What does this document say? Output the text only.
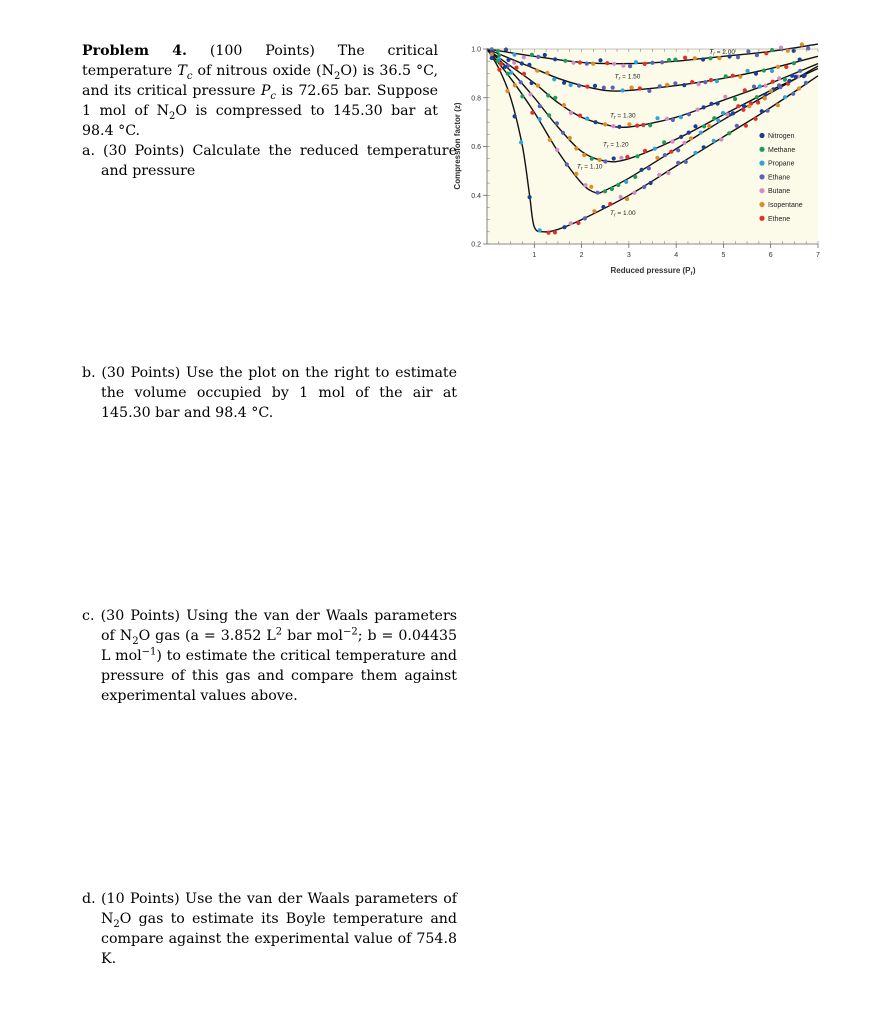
Problem 4. (100 Points) The critical temperature $T_c$ of nitrous oxide $(N_2O)$ is 36.5 °C, and its critical pressure $P_c$ is 72.65 bar. Suppose 1 mol of $N_2O$ is compressed to 145.30 bar at 98.4 °C.

a. (30 Points) Calculate the reduced temperature and pressure

b. (30 Points) Use the plot on the right to estimate the volume occupied by 1 mol of the air at 145.30 bar and 98.4 °C.

c. (30 Points) Using the van der Waals parameters of $N_2O$ gas (a = 3.852 $L^2$ bar mol$^{-2}$; b = 0.04435 L mol$^{-1}$) to estimate the critical temperature and pressure of this gas and compare them against experimental values above.

d. (10 Points) Use the van der Waals parameters of $N_2O$ gas to estimate its Boyle temperature and compare against the experimental value of 754.8 K.

1	2	3	4	5	6	7
0.2
0.4
0.6
0.8
1.0	$T_r = 2.00$
$T_r = 1.50$
$T_r = 1.30$
$T_r = 1.20$
$T_r = 1.10$
$T_r = 1.00$
Nitrogen
Methane
Propane
Ethane
Butane
Isopentane
Ethene
Reduced pressure $(P_r)$
Compression factor (z)
